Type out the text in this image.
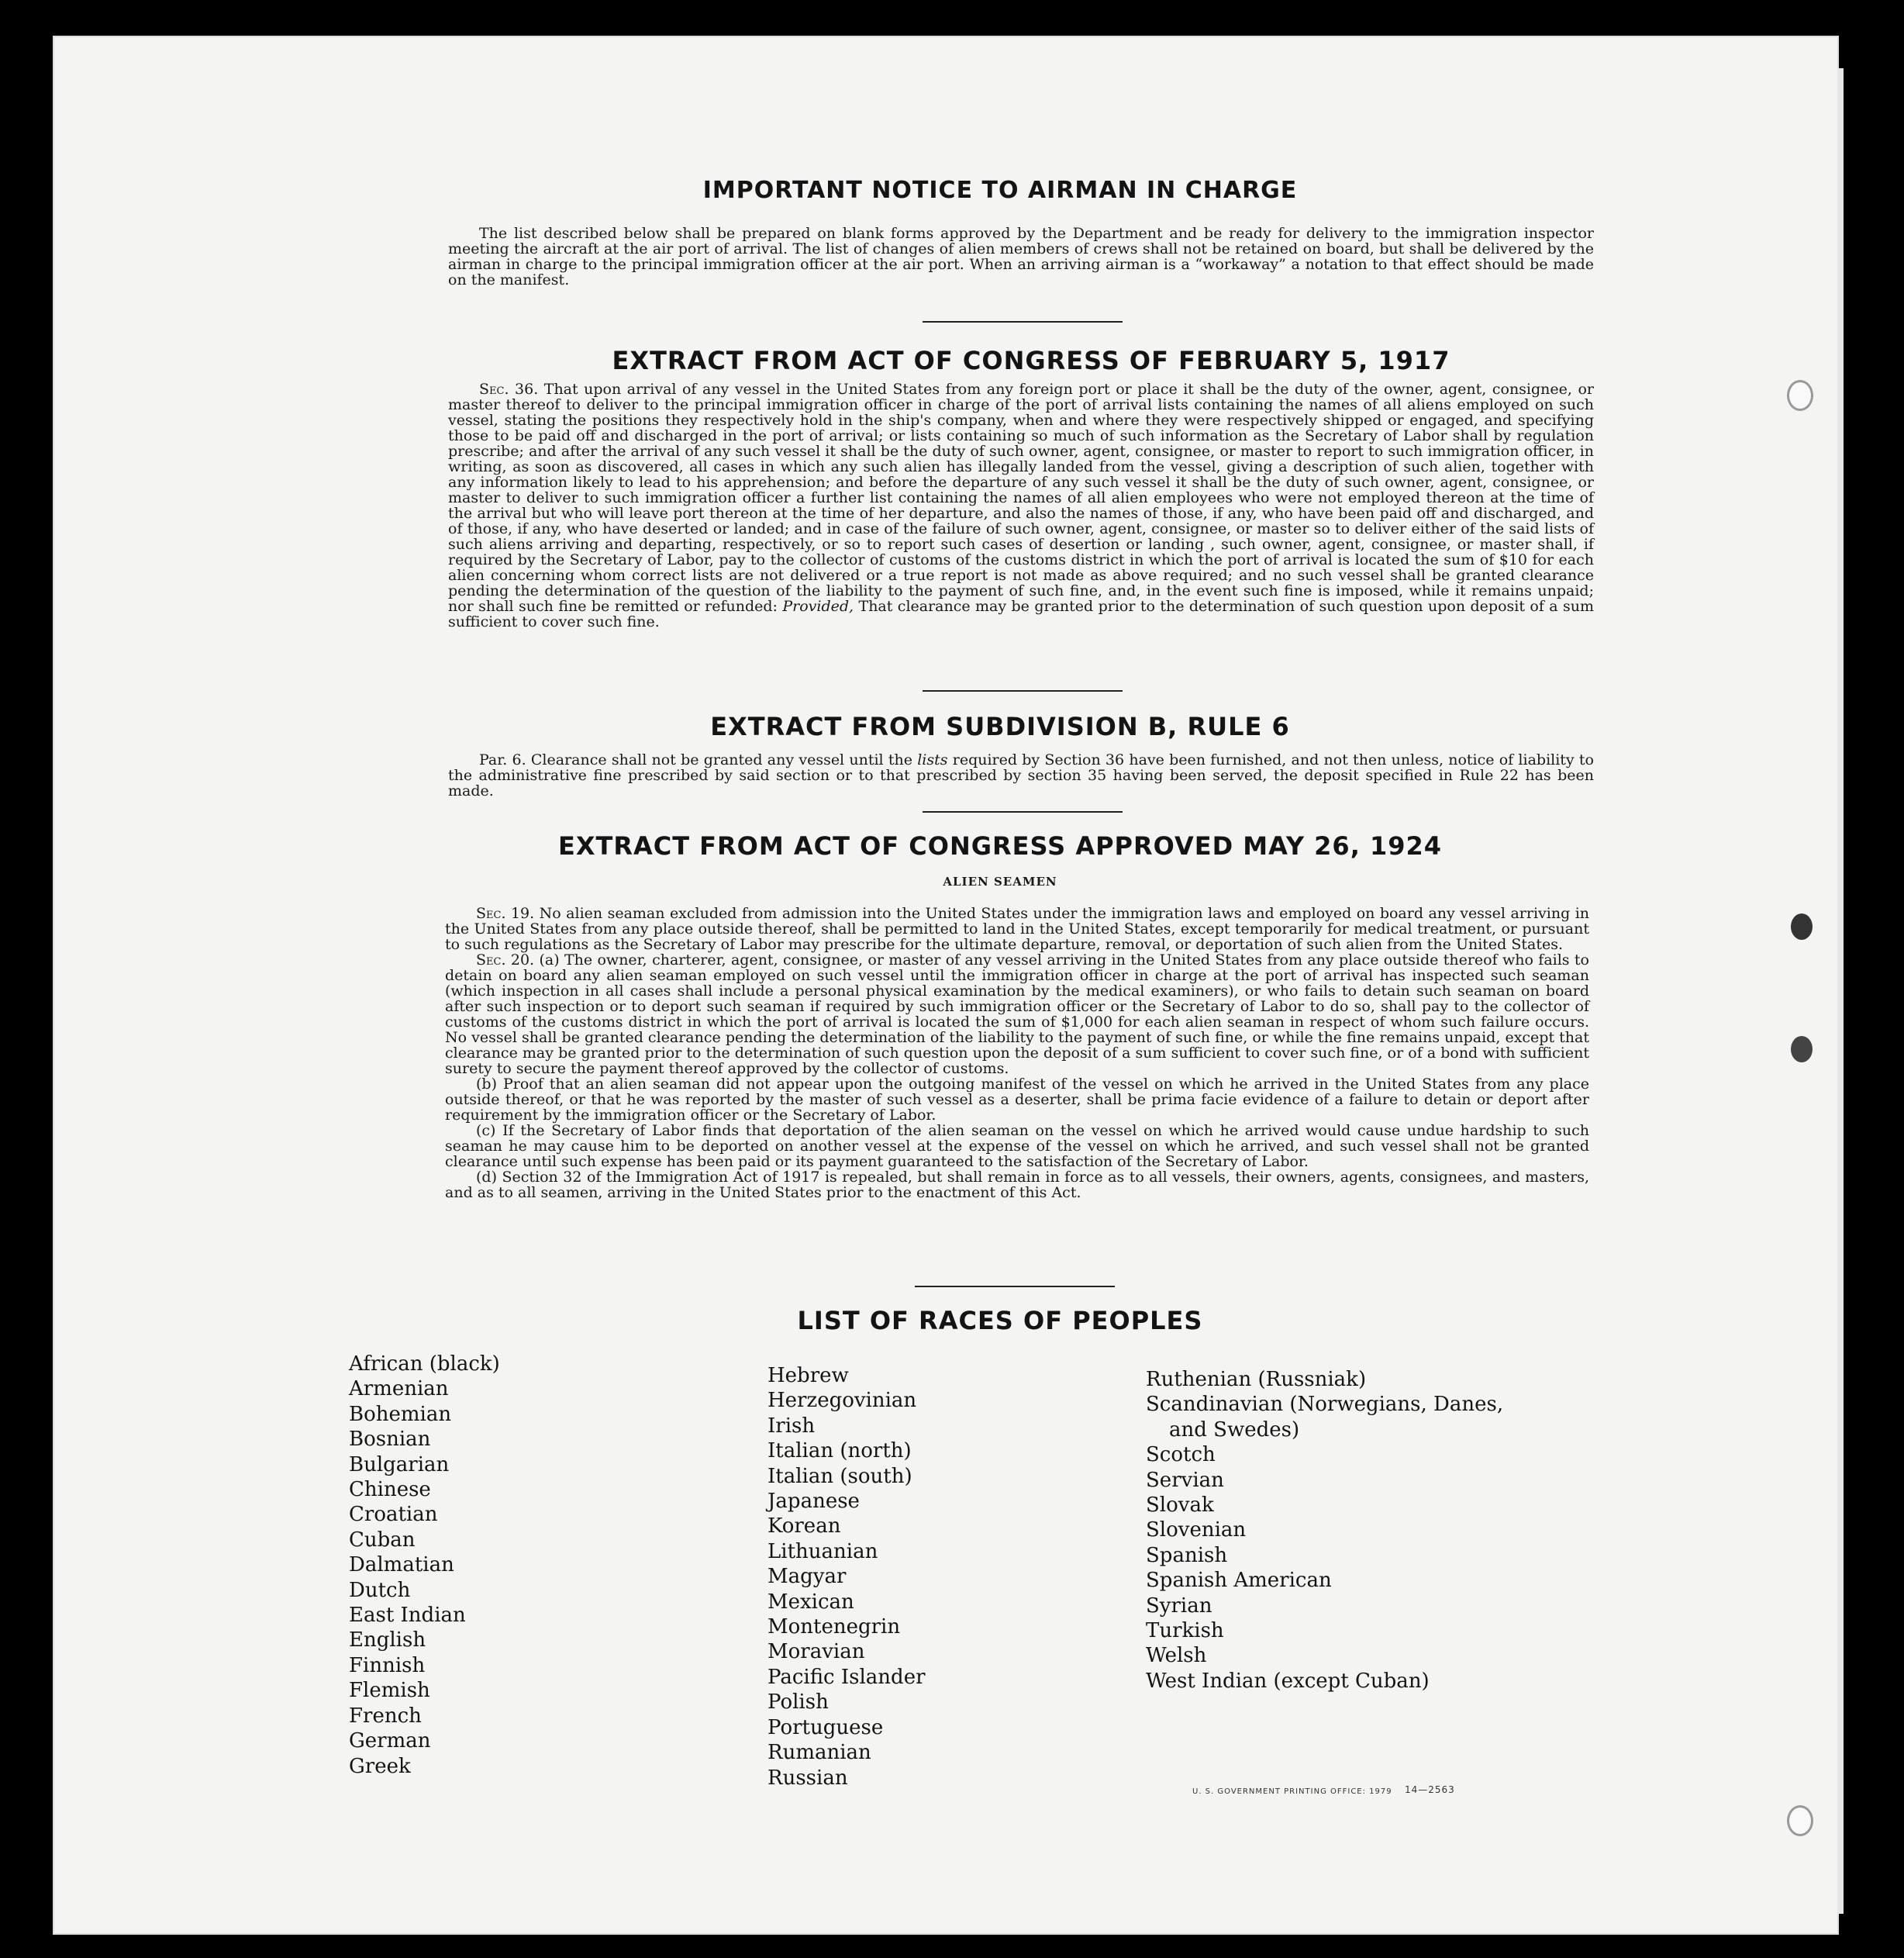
IMPORTANT NOTICE TO AIRMAN IN CHARGE

The list described below shall be prepared on blank forms approved by the Department and be ready for delivery to the immigration inspector meeting the aircraft at the air port of arrival. The list of changes of alien members of crews shall not be retained on board, but shall be delivered by the airman in charge to the principal immigration officer at the air port. When an arriving airman is a “workaway” a notation to that effect should be made on the manifest.

EXTRACT FROM ACT OF CONGRESS OF FEBRUARY 5, 1917

Sec. 36. That upon arrival of any vessel in the United States from any foreign port or place it shall be the duty of the owner, agent, consignee, or master thereof to deliver to the principal immigration officer in charge of the port of arrival lists containing the names of all aliens employed on such vessel, stating the positions they respectively hold in the ship's company, when and where they were respectively shipped or engaged, and specifying those to be paid off and discharged in the port of arrival; or lists containing so much of such information as the Secretary of Labor shall by regulation prescribe; and after the arrival of any such vessel it shall be the duty of such owner, agent, consignee, or master to report to such immigration officer, in writing, as soon as discovered, all cases in which any such alien has illegally landed from the vessel, giving a description of such alien, together with any information likely to lead to his apprehension; and before the departure of any such vessel it shall be the duty of such owner, agent, consignee, or master to deliver to such immigration officer a further list containing the names of all alien employees who were not employed thereon at the time of the arrival but who will leave port thereon at the time of her departure, and also the names of those, if any, who have been paid off and discharged, and of those, if any, who have deserted or landed; and in case of the failure of such owner, agent, consignee, or master so to deliver either of the said lists of such aliens arriving and departing, respectively, or so to report such cases of desertion or landing , such owner, agent, consignee, or master shall, if required by the Secretary of Labor, pay to the collector of customs of the customs district in which the port of arrival is located the sum of $10 for each alien concerning whom correct lists are not delivered or a true report is not made as above required; and no such vessel shall be granted clearance pending the determination of the question of the liability to the payment of such fine, and, in the event such fine is imposed, while it remains unpaid; nor shall such fine be remitted or refunded: Provided, That clearance may be granted prior to the determination of such question upon deposit of a sum sufficient to cover such fine.

EXTRACT FROM SUBDIVISION B, RULE 6

Par. 6. Clearance shall not be granted any vessel until the lists required by Section 36 have been furnished, and not then unless, notice of liability to the administrative fine prescribed by said section or to that prescribed by section 35 having been served, the deposit specified in Rule 22 has been made.

EXTRACT FROM ACT OF CONGRESS APPROVED MAY 26, 1924
ALIEN SEAMEN

Sec. 19. No alien seaman excluded from admission into the United States under the immigration laws and employed on board any vessel arriving in the United States from any place outside thereof, shall be permitted to land in the United States, except temporarily for medical treatment, or pursuant to such regulations as the Secretary of Labor may prescribe for the ultimate departure, removal, or deportation of such alien from the United States.

Sec. 20. (a) The owner, charterer, agent, consignee, or master of any vessel arriving in the United States from any place outside thereof who fails to detain on board any alien seaman employed on such vessel until the immigration officer in charge at the port of arrival has inspected such seaman (which inspection in all cases shall include a personal physical examination by the medical examiners), or who fails to detain such seaman on board after such inspection or to deport such seaman if required by such immigration officer or the Secretary of Labor to do so, shall pay to the collector of customs of the customs district in which the port of arrival is located the sum of $1,000 for each alien seaman in respect of whom such failure occurs. No vessel shall be granted clearance pending the determination of the liability to the payment of such fine, or while the fine remains unpaid, except that clearance may be granted prior to the determination of such question upon the deposit of a sum sufficient to cover such fine, or of a bond with sufficient surety to secure the payment thereof approved by the collector of customs.

(b) Proof that an alien seaman did not appear upon the outgoing manifest of the vessel on which he arrived in the United States from any place outside thereof, or that he was reported by the master of such vessel as a deserter, shall be prima facie evidence of a failure to detain or deport after requirement by the immigration officer or the Secretary of Labor.

(c) If the Secretary of Labor finds that deportation of the alien seaman on the vessel on which he arrived would cause undue hardship to such seaman he may cause him to be deported on another vessel at the expense of the vessel on which he arrived, and such vessel shall not be granted clearance until such expense has been paid or its payment guaranteed to the satisfaction of the Secretary of Labor.

(d) Section 32 of the Immigration Act of 1917 is repealed, but shall remain in force as to all vessels, their owners, agents, consignees, and masters, and as to all seamen, arriving in the United States prior to the enactment of this Act.

LIST OF RACES OF PEOPLES
African (black)
Armenian
Bohemian
Bosnian
Bulgarian
Chinese
Croatian
Cuban
Dalmatian
Dutch
East Indian
English
Finnish
Flemish
French
German
Greek
Hebrew
Herzegovinian
Irish
Italian (north)
Italian (south)
Japanese
Korean
Lithuanian
Magyar
Mexican
Montenegrin
Moravian
Pacific Islander
Polish
Portuguese
Rumanian
Russian
Ruthenian (Russniak)
Scandinavian (Norwegians, Danes,
and Swedes)
Scotch
Servian
Slovak
Slovenian
Spanish
Spanish American
Syrian
Turkish
Welsh
West Indian (except Cuban)
U. S. GOVERNMENT PRINTING OFFICE: 1979 14—2563
